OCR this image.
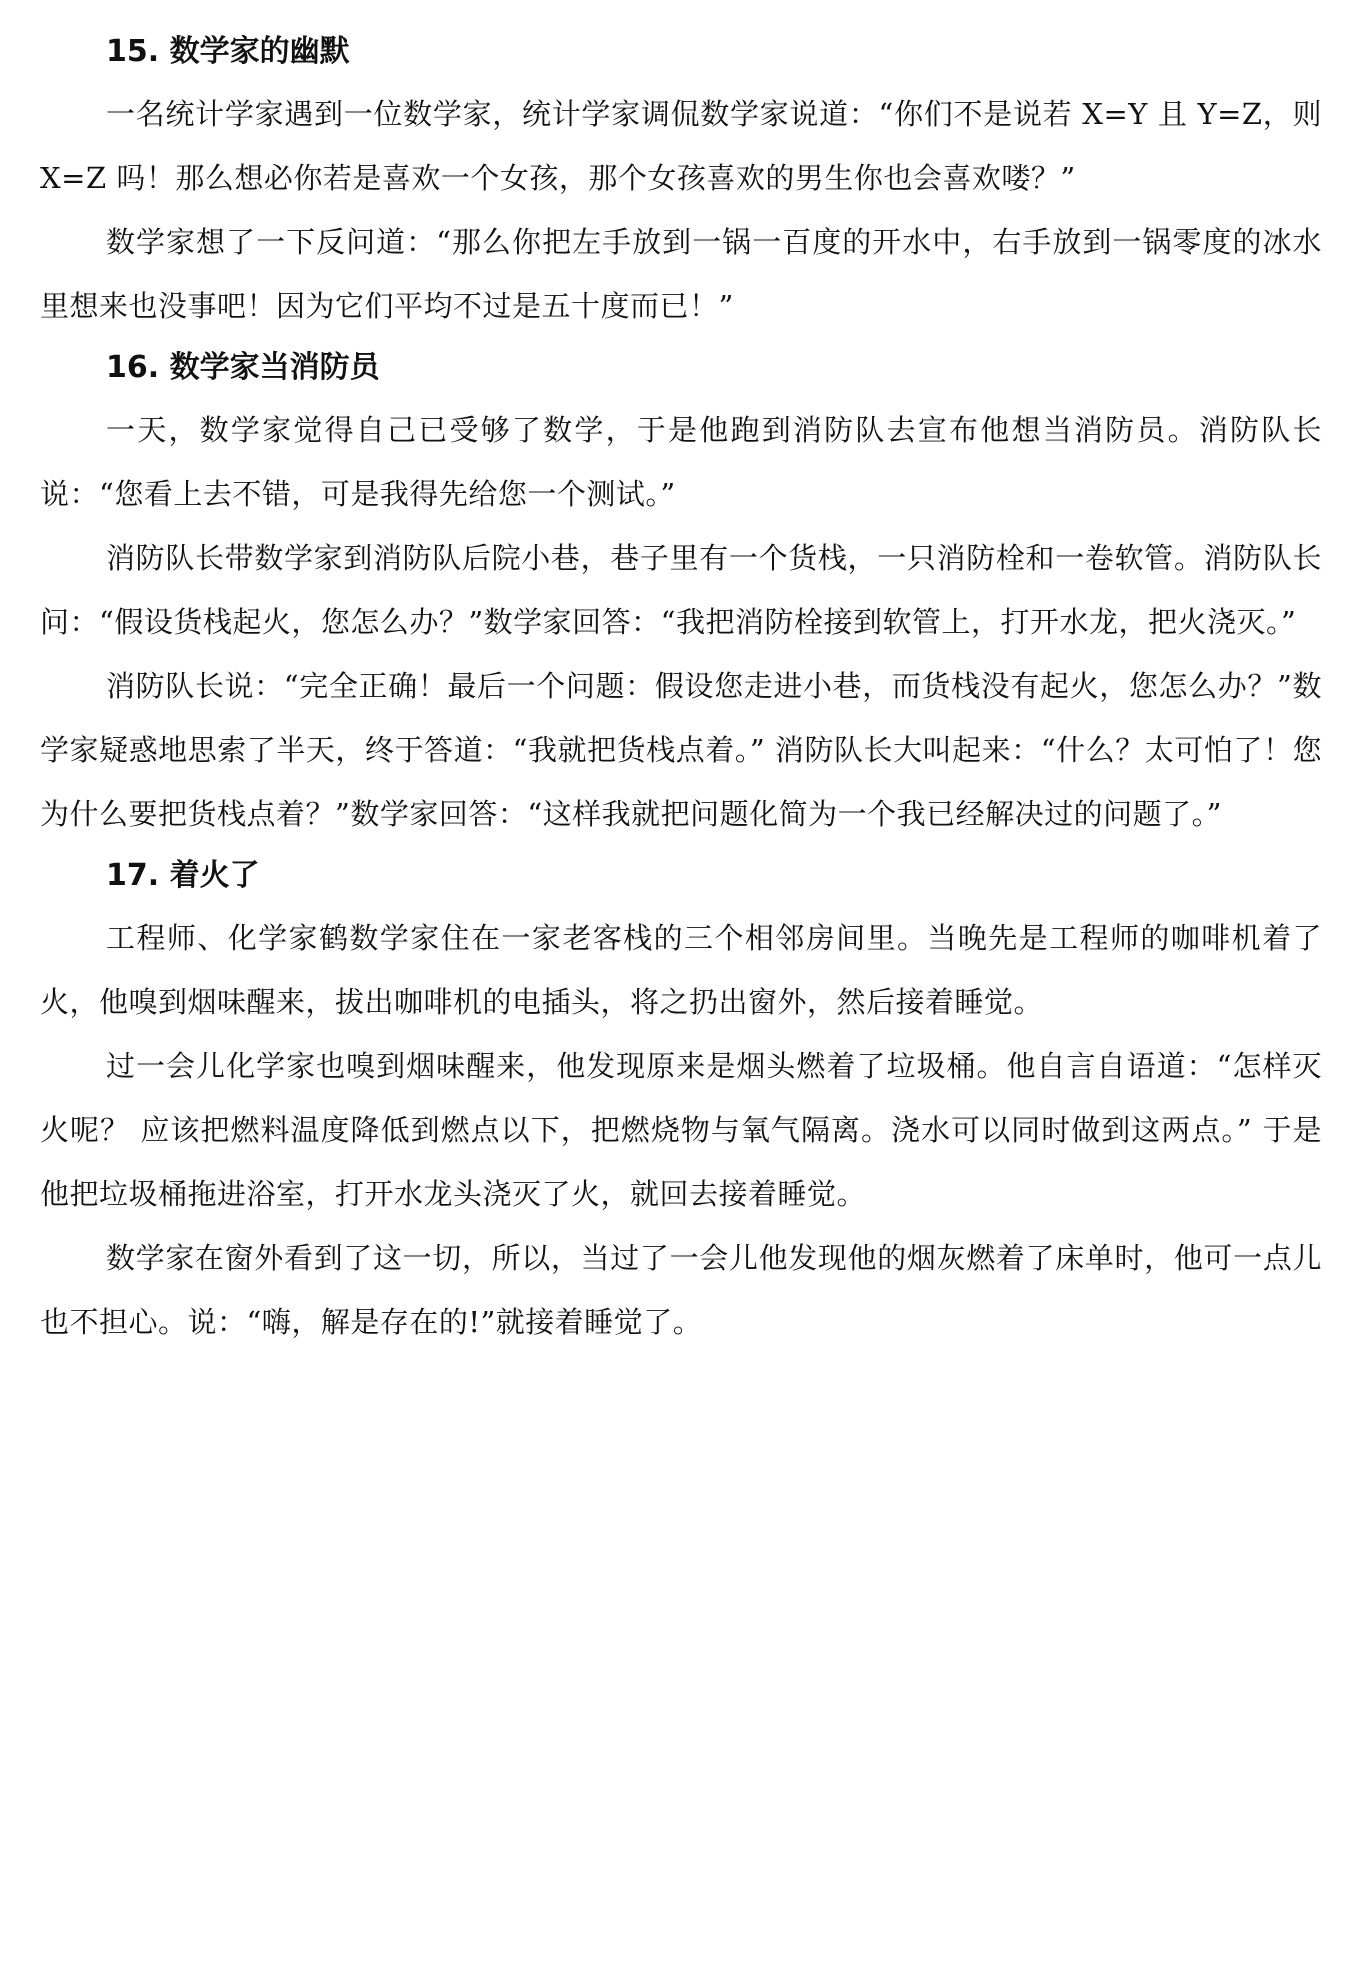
15. 数学家的幽默

一名统计学家遇到一位数学家，统计学家调侃数学家说道：“你们不是说若 X=Y 且 Y=Z，则 X=Z 吗！那么想必你若是喜欢一个女孩，那个女孩喜欢的男生你也会喜欢喽？”

数学家想了一下反问道：“那么你把左手放到一锅一百度的开水中，右手放到一锅零度的冰水里想来也没事吧！因为它们平均不过是五十度而已！”

16. 数学家当消防员

一天，数学家觉得自己已受够了数学，于是他跑到消防队去宣布他想当消防员。消防队长说：“您看上去不错，可是我得先给您一个测试。”

消防队长带数学家到消防队后院小巷，巷子里有一个货栈，一只消防栓和一卷软管。消防队长问：“假设货栈起火，您怎么办？”数学家回答：“我把消防栓接到软管上，打开水龙，把火浇灭。”

消防队长说：“完全正确！最后一个问题：假设您走进小巷，而货栈没有起火，您怎么办？”数学家疑惑地思索了半天，终于答道：“我就把货栈点着。” 消防队长大叫起来：“什么？太可怕了！您为什么要把货栈点着？”数学家回答：“这样我就把问题化简为一个我已经解决过的问题了。”

17. 着火了

工程师、化学家鹤数学家住在一家老客栈的三个相邻房间里。当晚先是工程师的咖啡机着了火，他嗅到烟味醒来，拔出咖啡机的电插头，将之扔出窗外，然后接着睡觉。

过一会儿化学家也嗅到烟味醒来，他发现原来是烟头燃着了垃圾桶。他自言自语道：“怎样灭火呢？ 应该把燃料温度降低到燃点以下，把燃烧物与氧气隔离。浇水可以同时做到这两点。” 于是他把垃圾桶拖进浴室，打开水龙头浇灭了火，就回去接着睡觉。

数学家在窗外看到了这一切，所以，当过了一会儿他发现他的烟灰燃着了床单时，他可一点儿也不担心。说：“嗨，解是存在的!”就接着睡觉了。
